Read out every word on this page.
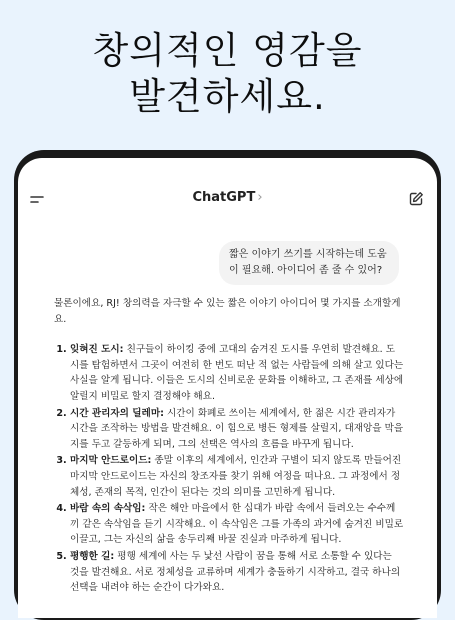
창의적인 영감을
발견하세요.
ChatGPT ›
짧은 이야기 쓰기를 시작하는데 도움이 필요해. 아이디어 좀 줄 수 있어?

물론이에요, RJ! 창의력을 자극할 수 있는 짧은 이야기 아이디어 몇 가지를 소개할게요.

1. 잊혀진 도시: 친구들이 하이킹 중에 고대의 숨겨진 도시를 우연히 발견해요. 도시를 탐험하면서 그곳이 여전히 한 번도 떠난 적 없는 사람들에 의해 살고 있다는 사실을 알게 됩니다. 이들은 도시의 신비로운 문화를 이해하고, 그 존재를 세상에 알릴지 비밀로 할지 결정해야 해요.
2. 시간 관리자의 딜레마: 시간이 화폐로 쓰이는 세계에서, 한 젊은 시간 관리자가 시간을 조작하는 방법을 발견해요. 이 힘으로 병든 형제를 살릴지, 대재앙을 막을지를 두고 갈등하게 되며, 그의 선택은 역사의 흐름을 바꾸게 됩니다.
3. 마지막 안드로이드: 종말 이후의 세계에서, 인간과 구별이 되지 않도록 만들어진 마지막 안드로이드는 자신의 창조자를 찾기 위해 여정을 떠나요. 그 과정에서 정체성, 존재의 목적, 인간이 된다는 것의 의미를 고민하게 됩니다.
4. 바람 속의 속삭임: 작은 해안 마을에서 한 십대가 바람 속에서 들려오는 수수께끼 같은 속삭임을 듣기 시작해요. 이 속삭임은 그를 가족의 과거에 숨겨진 비밀로 이끌고, 그는 자신의 삶을 송두리째 바꿀 진실과 마주하게 됩니다.
5. 평행한 길: 평행 세계에 사는 두 낯선 사람이 꿈을 통해 서로 소통할 수 있다는 것을 발견해요. 서로 정체성을 교류하며 세계가 충돌하기 시작하고, 결국 하나의 선택을 내려야 하는 순간이 다가와요.
